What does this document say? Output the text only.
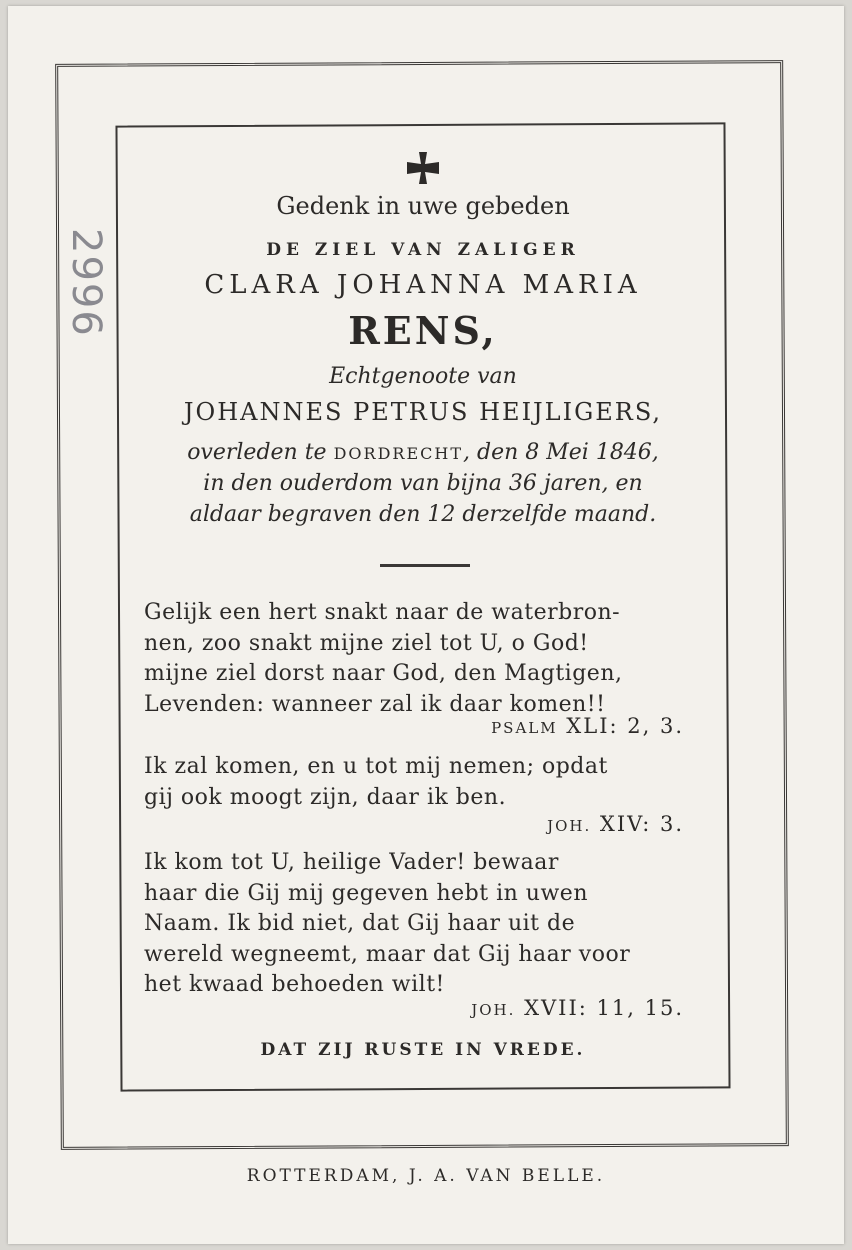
2996
Gedenk in uwe gebeden
DE ZIEL VAN ZALIGER
CLARA JOHANNA MARIA
RENS,
Echtgenoote van
JOHANNES PETRUS HEIJLIGERS,
overleden te DORDRECHT, den 8 Mei 1846,
in den ouderdom van bijna 36 jaren, en
aldaar begraven den 12 derzelfde maand.
Gelijk een hert snakt naar de waterbron-
nen, zoo snakt mijne ziel tot U, o God!
mijne ziel dorst naar God, den Magtigen,
Levenden: wanneer zal ik daar komen!!
PSALM XLI: 2, 3.
Ik zal komen, en u tot mij nemen; opdat
gij ook moogt zijn, daar ik ben.
JOH. XIV: 3.
Ik kom tot U, heilige Vader! bewaar
haar die Gij mij gegeven hebt in uwen
Naam. Ik bid niet, dat Gij haar uit de
wereld wegneemt, maar dat Gij haar voor
het kwaad behoeden wilt!
JOH. XVII: 11, 15.
DAT ZIJ RUSTE IN VREDE.
ROTTERDAM, J. A. VAN BELLE.
